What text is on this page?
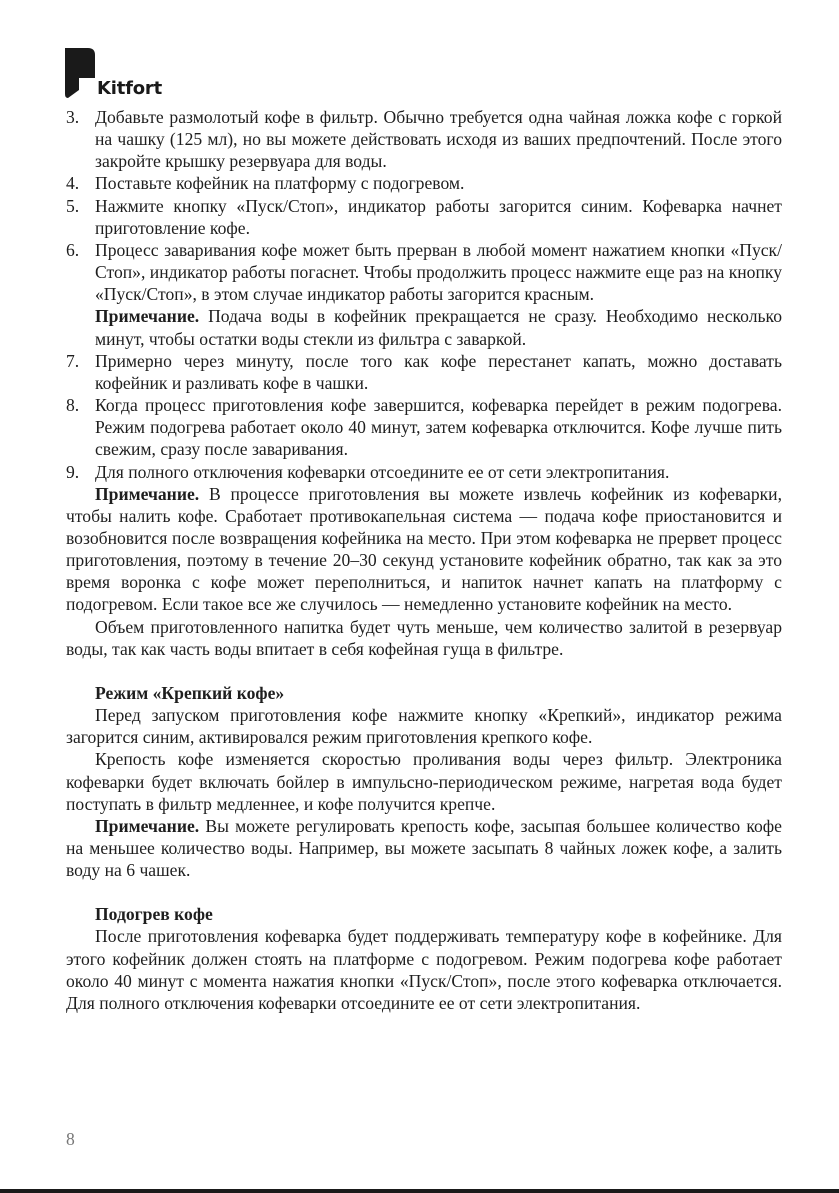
Kitfort
3. Добавьте размолотый кофе в фильтр. Обычно требуется одна чайная ложка кофе с горкой на чашку (125 мл), но вы можете действовать исходя из ваших предпочтений. После этого закройте крышку резервуара для воды.
4. Поставьте кофейник на платформу с подогревом.
5. Нажмите кнопку «Пуск/Стоп», индикатор работы загорится синим. Кофеварка начнет приготовление кофе.
6. Процесс заваривания кофе может быть прерван в любой момент нажатием кнопки «Пуск/Стоп», индикатор работы погаснет. Чтобы продолжить процесс нажмите еще раз на кнопку «Пуск/Стоп», в этом случае индикатор работы загорится красным.

Примечание. Подача воды в кофейник прекращается не сразу. Необходимо несколько минут, чтобы остатки воды стекли из фильтра с заваркой.

7. Примерно через минуту, после того как кофе перестанет капать, можно доставать кофейник и разливать кофе в чашки.
8. Когда процесс приготовления кофе завершится, кофеварка перейдет в режим подогрева. Режим подогрева работает около 40 минут, затем кофеварка отключится. Кофе лучше пить свежим, сразу после заваривания.
9. Для полного отключения кофеварки отсоедините ее от сети электропитания.

Примечание. В процессе приготовления вы можете извлечь кофейник из кофеварки, чтобы налить кофе. Сработает противокапельная система — подача кофе приостановится и возобновится после возвращения кофейника на место. При этом кофеварка не прервет процесс приготовления, поэтому в течение 20–30 секунд установите кофейник обратно, так как за это время воронка с кофе может переполниться, и напиток начнет капать на платформу с подогревом. Если такое все же случилось — немедленно установите кофейник на место.

Объем приготовленного напитка будет чуть меньше, чем количество залитой в резервуар воды, так как часть воды впитает в себя кофейная гуща в фильтре.

Режим «Крепкий кофе»

Перед запуском приготовления кофе нажмите кнопку «Крепкий», индикатор режима загорится синим, активировался режим приготовления крепкого кофе.

Крепость кофе изменяется скоростью проливания воды через фильтр. Электроника кофеварки будет включать бойлер в импульсно-периодическом режиме, нагретая вода будет поступать в фильтр медленнее, и кофе получится крепче.

Примечание. Вы можете регулировать крепость кофе, засыпая большее количество кофе на меньшее количество воды. Например, вы можете засыпать 8 чайных ложек кофе, а залить воду на 6 чашек.

Подогрев кофе

После приготовления кофеварка будет поддерживать температуру кофе в кофейнике. Для этого кофейник должен стоять на платформе с подогревом. Режим подогрева кофе работает около 40 минут с момента нажатия кнопки «Пуск/Стоп», после этого кофеварка отключается. Для полного отключения кофеварки отсоедините ее от сети электропитания.

8
